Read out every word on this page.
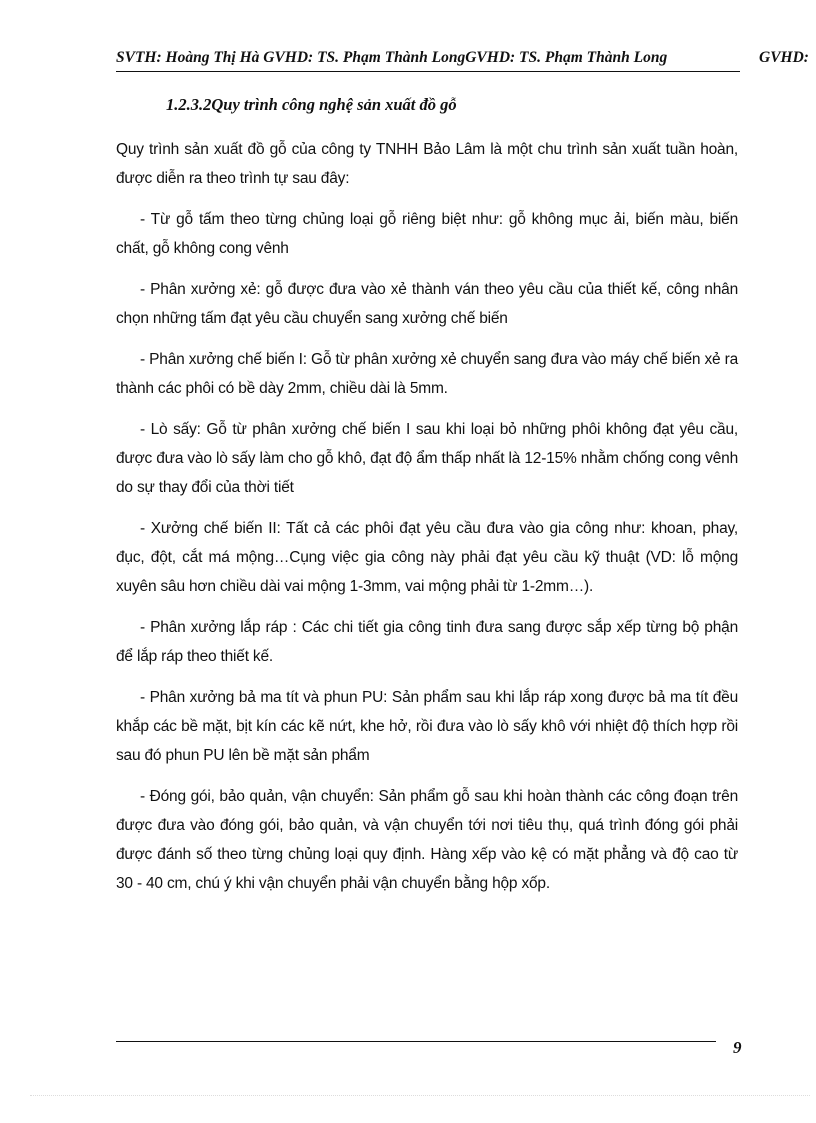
SVTH: Hoàng Thị Hà GVHD: TS. Phạm Thành LongGVHD: TS. Phạm Thành Long	GVHD:
1.2.3.2Quy trình công nghệ sản xuất đồ gỗ

Quy trình sản xuất đồ gỗ của công ty TNHH Bảo Lâm là một chu trình sản xuất tuần hoàn, được diễn ra theo trình tự sau đây:

- Từ gỗ tấm theo từng chủng loại gỗ riêng biệt như: gỗ không mục ải, biến màu, biến chất, gỗ không cong vênh

- Phân xưởng xẻ: gỗ được đưa vào xẻ thành ván theo yêu cầu của thiết kế, công nhân chọn những tấm đạt yêu cầu chuyển sang xưởng chế biến

- Phân xưởng chế biến I: Gỗ từ phân xưởng xẻ chuyển sang đưa vào máy chế biến xẻ ra thành các phôi có bề dày 2mm, chiều dài là 5mm.

- Lò sấy: Gỗ từ phân xưởng chế biến I sau khi loại bỏ những phôi không đạt yêu cầu, được đưa vào lò sấy làm cho gỗ khô, đạt độ ẩm thấp nhất là 12-15% nhằm chống cong vênh do sự thay đổi của thời tiết

- Xưởng chế biến II: Tất cả các phôi đạt yêu cầu đưa vào gia công như: khoan, phay, đục, đột, cắt má mộng…Cụng việc gia công này phải đạt yêu cầu kỹ thuật (VD: lỗ mộng xuyên sâu hơn chiều dài vai mộng 1-3mm, vai mộng phải từ 1-2mm…).

- Phân xưởng lắp ráp : Các chi tiết gia công tinh đưa sang được sắp xếp từng bộ phận để lắp ráp theo thiết kế.

- Phân xưởng bả ma tít và phun PU: Sản phẩm sau khi lắp ráp xong được bả ma tít đều khắp các bề mặt, bịt kín các kẽ nứt, khe hở, rồi đưa vào lò sấy khô với nhiệt độ thích hợp rồi sau đó phun PU lên bề mặt sản phẩm

- Đóng gói, bảo quản, vận chuyển: Sản phẩm gỗ sau khi hoàn thành các công đoạn trên được đưa vào đóng gói, bảo quản, và vận chuyển tới nơi tiêu thụ, quá trình đóng gói phải được đánh số theo từng chủng loại quy định. Hàng xếp vào kệ có mặt phẳng và độ cao từ 30 - 40 cm, chú ý khi vận chuyển phải vận chuyển bằng hộp xốp.

9
